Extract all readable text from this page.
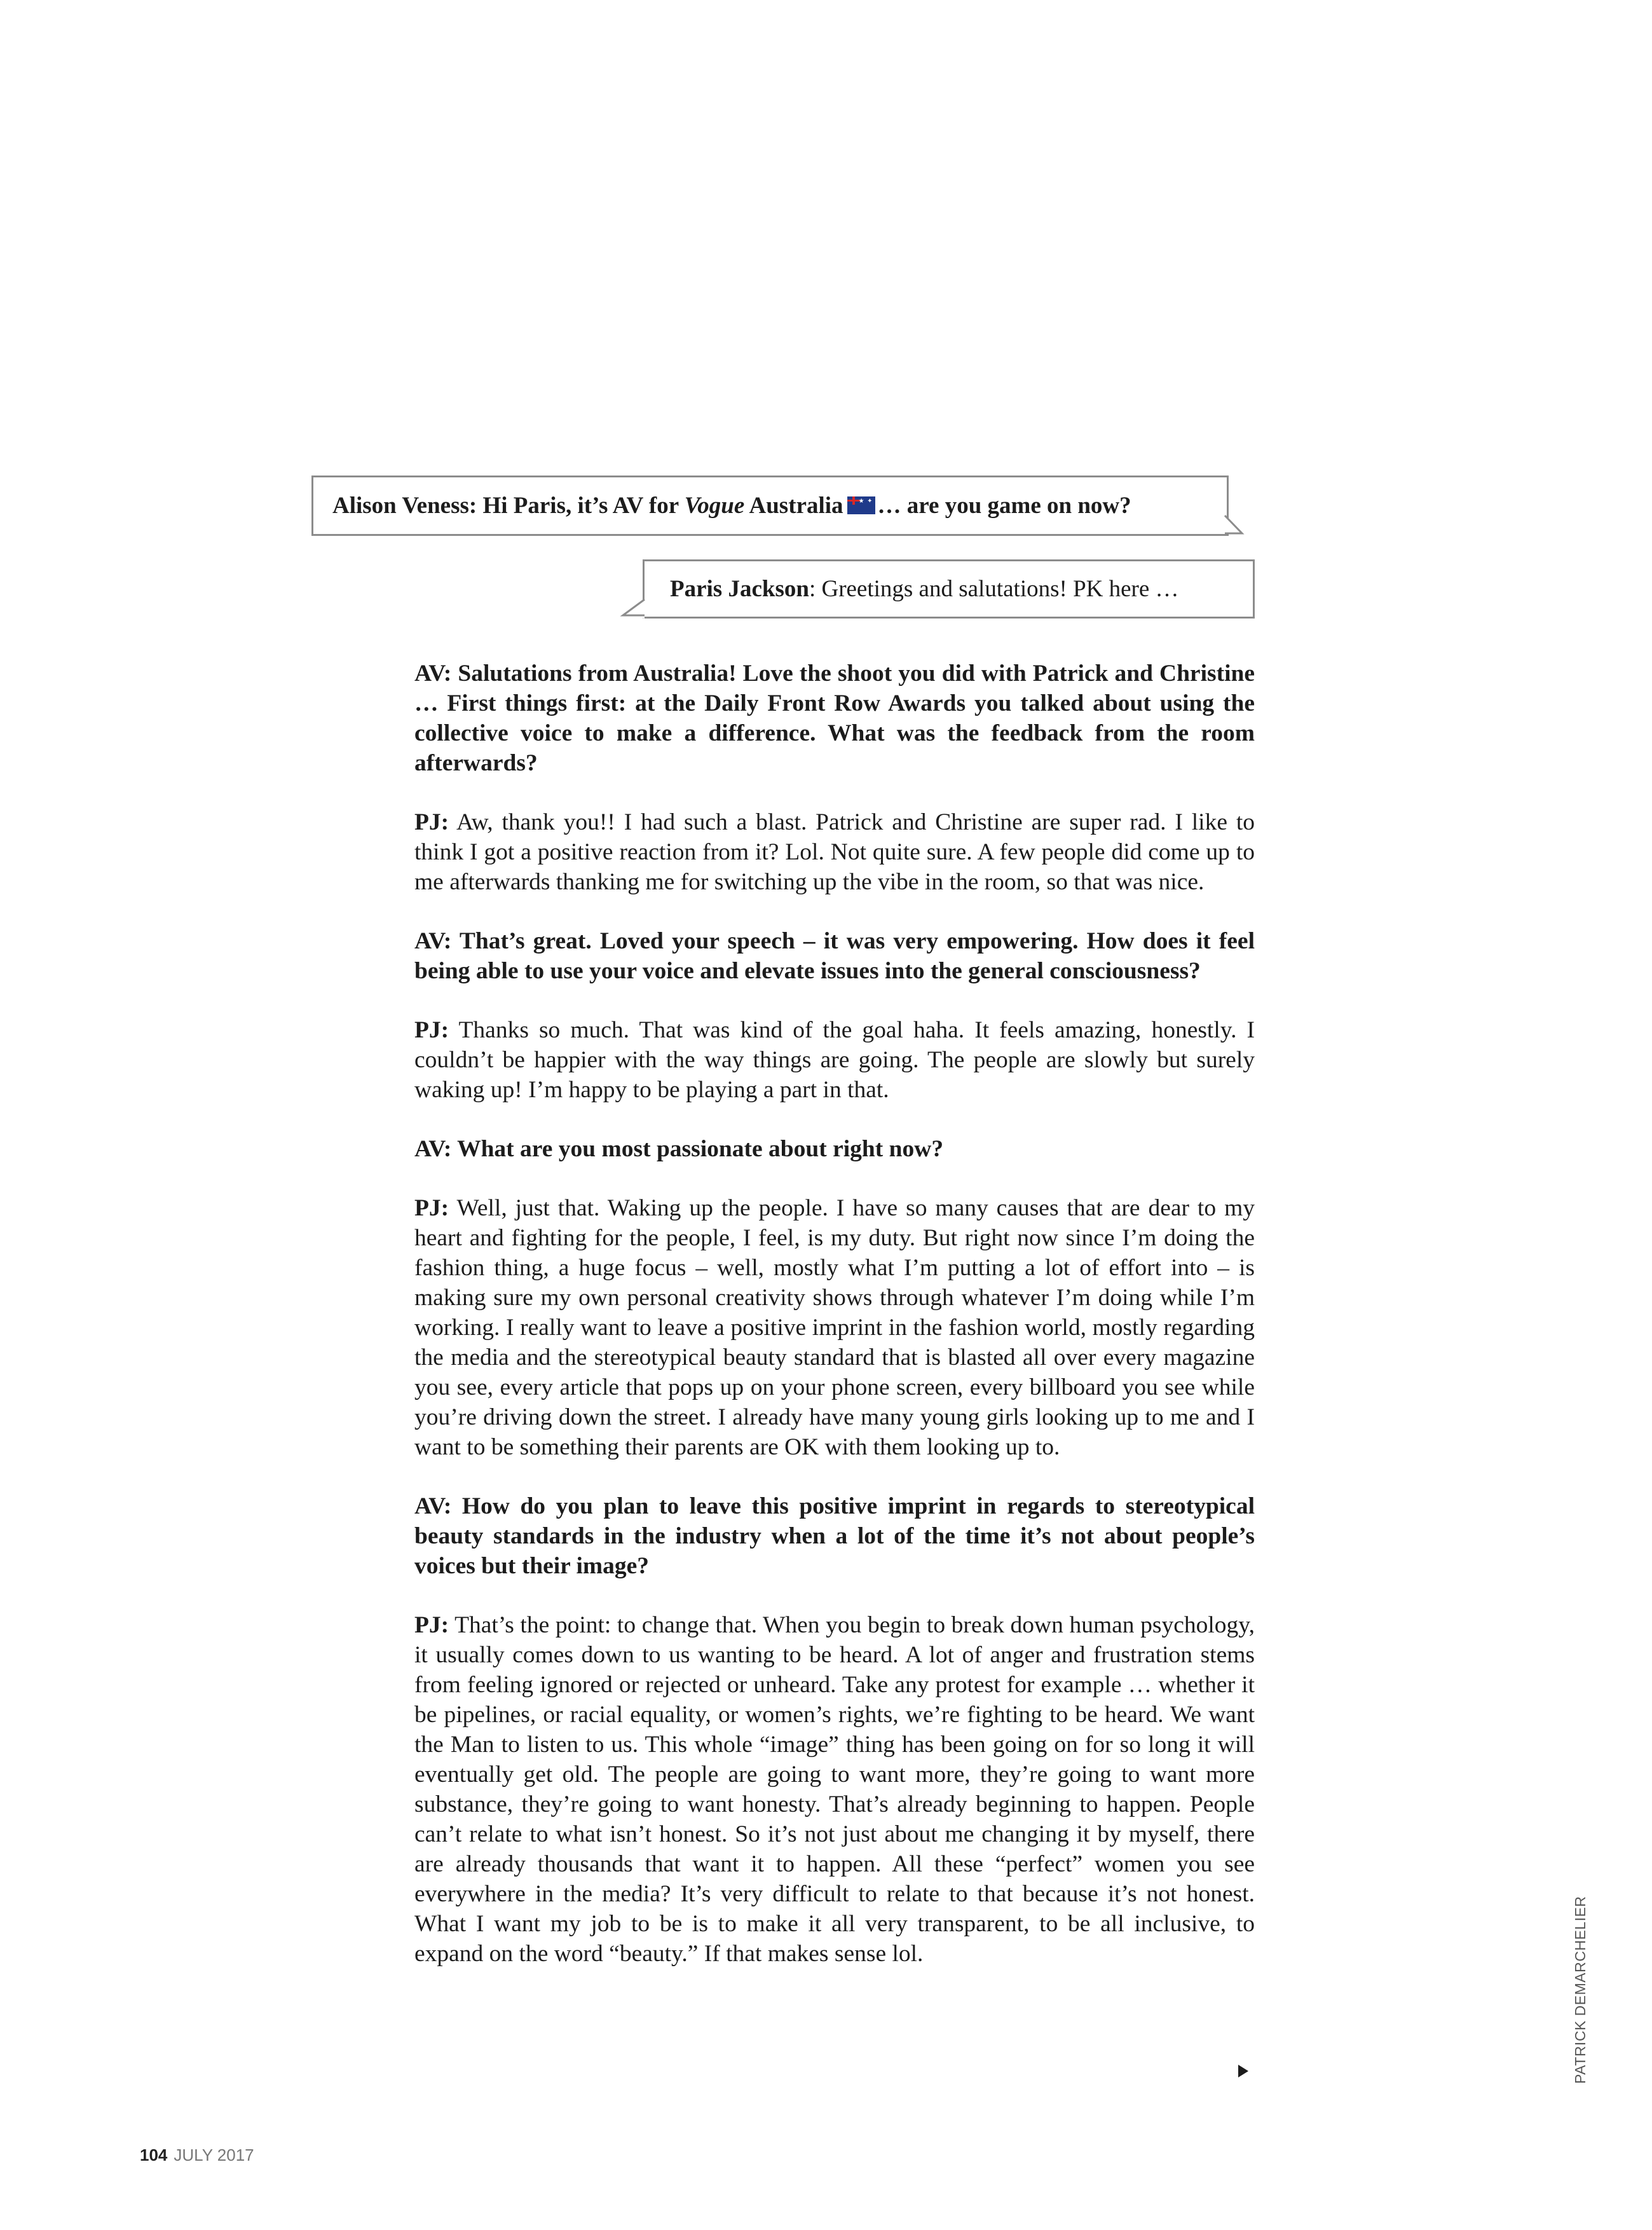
Alison Veness: Hi Paris, it’s AV for Vogue Australia ★ ✦ … are you game on now?
Paris Jackson: Greetings and salutations! PK here …

AV: Salutations from Australia! Love the shoot you did with Patrick and Christine … First things first: at the Daily Front Row Awards you talked about using the collective voice to make a difference. What was the feedback from the room afterwards?

PJ: Aw, thank you!! I had such a blast. Patrick and Christine are super rad. I like to think I got a positive reaction from it? Lol. Not quite sure. A few people did come up to me afterwards thanking me for switching up the vibe in the room, so that was nice.

AV: That’s great. Loved your speech – it was very empowering. How does it feel being able to use your voice and elevate issues into the general consciousness?

PJ: Thanks so much. That was kind of the goal haha. It feels amazing, honestly. I couldn’t be happier with the way things are going. The people are slowly but surely waking up! I’m happy to be playing a part in that.

AV: What are you most passionate about right now?

PJ: Well, just that. Waking up the people. I have so many causes that are dear to my heart and fighting for the people, I feel, is my duty. But right now since I’m doing the fashion thing, a huge focus – well, mostly what I’m putting a lot of effort into – is making sure my own personal creativity shows through whatever I’m doing while I’m working. I really want to leave a positive imprint in the fashion world, mostly regarding the media and the stereotypical beauty standard that is blasted all over every magazine you see, every article that pops up on your phone screen, every billboard you see while you’re driving down the street. I already have many young girls looking up to me and I want to be something their parents are OK with them looking up to.

AV: How do you plan to leave this positive imprint in regards to stereotypical beauty standards in the industry when a lot of the time it’s not about people’s voices but their image?

PJ: That’s the point: to change that. When you begin to break down human psychology, it usually comes down to us wanting to be heard. A lot of anger and frustration stems from feeling ignored or rejected or unheard. Take any protest for example … whether it be pipelines, or racial equality, or women’s rights, we’re fighting to be heard. We want the Man to listen to us. This whole “image” thing has been going on for so long it will eventually get old. The people are going to want more, they’re going to want more substance, they’re going to want honesty. That’s already beginning to happen. People can’t relate to what isn’t honest. So it’s not just about me changing it by myself, there are already thousands that want it to happen. All these “perfect” women you see everywhere in the media? It’s very difficult to relate to that because it’s not honest. What I want my job to be is to make it all very transparent, to be all inclusive, to expand on the word “beauty.” If that makes sense lol.	PATRICK DEMARCHELIER
104 JULY 2017
